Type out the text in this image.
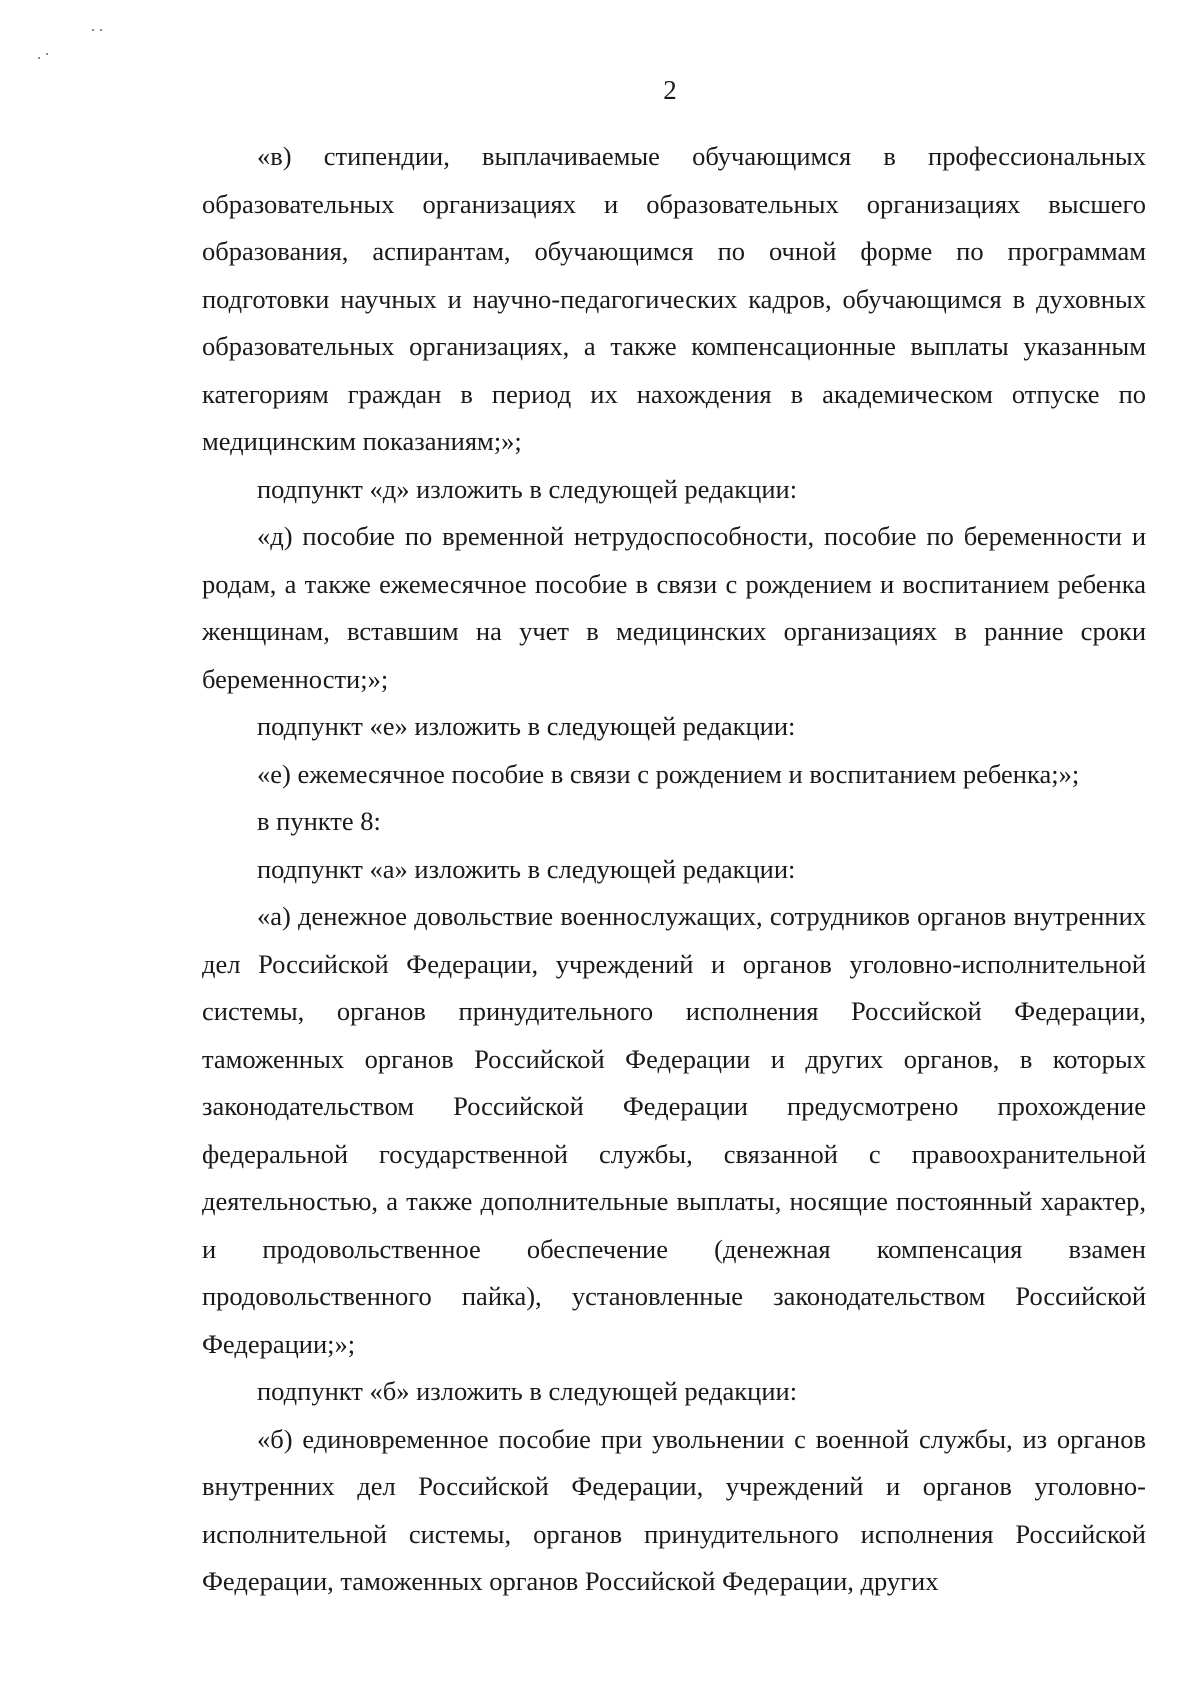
2

«в) стипендии, выплачиваемые обучающимся в профессиональных образовательных организациях и образовательных организациях высшего образования, аспирантам, обучающимся по очной форме по программам подготовки научных и научно-педагогических кадров, обучающимся в духовных образовательных организациях, а также компенсационные выплаты указанным категориям граждан в период их нахождения в академическом отпуске по медицинским показаниям;»;

подпункт «д» изложить в следующей редакции:

«д) пособие по временной нетрудоспособности, пособие по беременности и родам, а также ежемесячное пособие в связи с рождением и воспитанием ребенка женщинам, вставшим на учет в медицинских организациях в ранние сроки беременности;»;

подпункт «е» изложить в следующей редакции:

«е) ежемесячное пособие в связи с рождением и воспитанием ребенка;»;

в пункте 8:

подпункт «а» изложить в следующей редакции:

«а) денежное довольствие военнослужащих, сотрудников органов внутренних дел Российской Федерации, учреждений и органов уголовно-исполнительной системы, органов принудительного исполнения Российской Федерации, таможенных органов Российской Федерации и других органов, в которых законодательством Российской Федерации предусмотрено прохождение федеральной государственной службы, связанной с правоохранительной деятельностью, а также дополнительные выплаты, носящие постоянный характер, и продовольственное обеспечение (денежная компенсация взамен продовольственного пайка), установленные законодательством Российской Федерации;»;

подпункт «б» изложить в следующей редакции:

«б) единовременное пособие при увольнении с военной службы, из органов внутренних дел Российской Федерации, учреждений и органов уголовно-исполнительной системы, органов принудительного исполнения Российской Федерации, таможенных органов Российской Федерации, других
